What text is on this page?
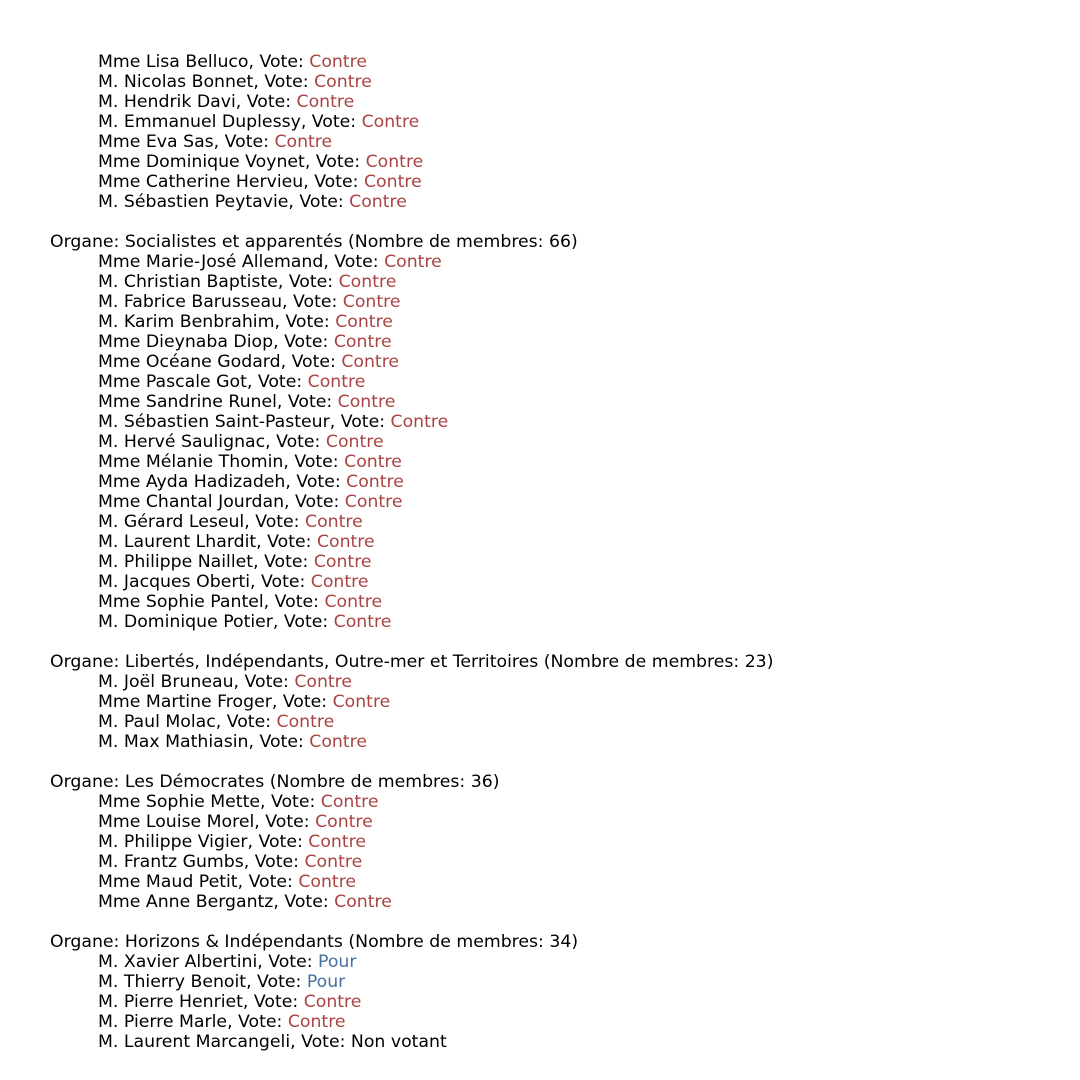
Mme Lisa Belluco, Vote: Contre
M. Nicolas Bonnet, Vote: Contre
M. Hendrik Davi, Vote: Contre
M. Emmanuel Duplessy, Vote: Contre
Mme Eva Sas, Vote: Contre
Mme Dominique Voynet, Vote: Contre
Mme Catherine Hervieu, Vote: Contre
M. Sébastien Peytavie, Vote: Contre
Organe: Socialistes et apparentés (Nombre de membres: 66)
Mme Marie-José Allemand, Vote: Contre
M. Christian Baptiste, Vote: Contre
M. Fabrice Barusseau, Vote: Contre
M. Karim Benbrahim, Vote: Contre
Mme Dieynaba Diop, Vote: Contre
Mme Océane Godard, Vote: Contre
Mme Pascale Got, Vote: Contre
Mme Sandrine Runel, Vote: Contre
M. Sébastien Saint-Pasteur, Vote: Contre
M. Hervé Saulignac, Vote: Contre
Mme Mélanie Thomin, Vote: Contre
Mme Ayda Hadizadeh, Vote: Contre
Mme Chantal Jourdan, Vote: Contre
M. Gérard Leseul, Vote: Contre
M. Laurent Lhardit, Vote: Contre
M. Philippe Naillet, Vote: Contre
M. Jacques Oberti, Vote: Contre
Mme Sophie Pantel, Vote: Contre
M. Dominique Potier, Vote: Contre
Organe: Libertés, Indépendants, Outre-mer et Territoires (Nombre de membres: 23)
M. Joël Bruneau, Vote: Contre
Mme Martine Froger, Vote: Contre
M. Paul Molac, Vote: Contre
M. Max Mathiasin, Vote: Contre
Organe: Les Démocrates (Nombre de membres: 36)
Mme Sophie Mette, Vote: Contre
Mme Louise Morel, Vote: Contre
M. Philippe Vigier, Vote: Contre
M. Frantz Gumbs, Vote: Contre
Mme Maud Petit, Vote: Contre
Mme Anne Bergantz, Vote: Contre
Organe: Horizons & Indépendants (Nombre de membres: 34)
M. Xavier Albertini, Vote: Pour
M. Thierry Benoit, Vote: Pour
M. Pierre Henriet, Vote: Contre
M. Pierre Marle, Vote: Contre
M. Laurent Marcangeli, Vote: Non votant
